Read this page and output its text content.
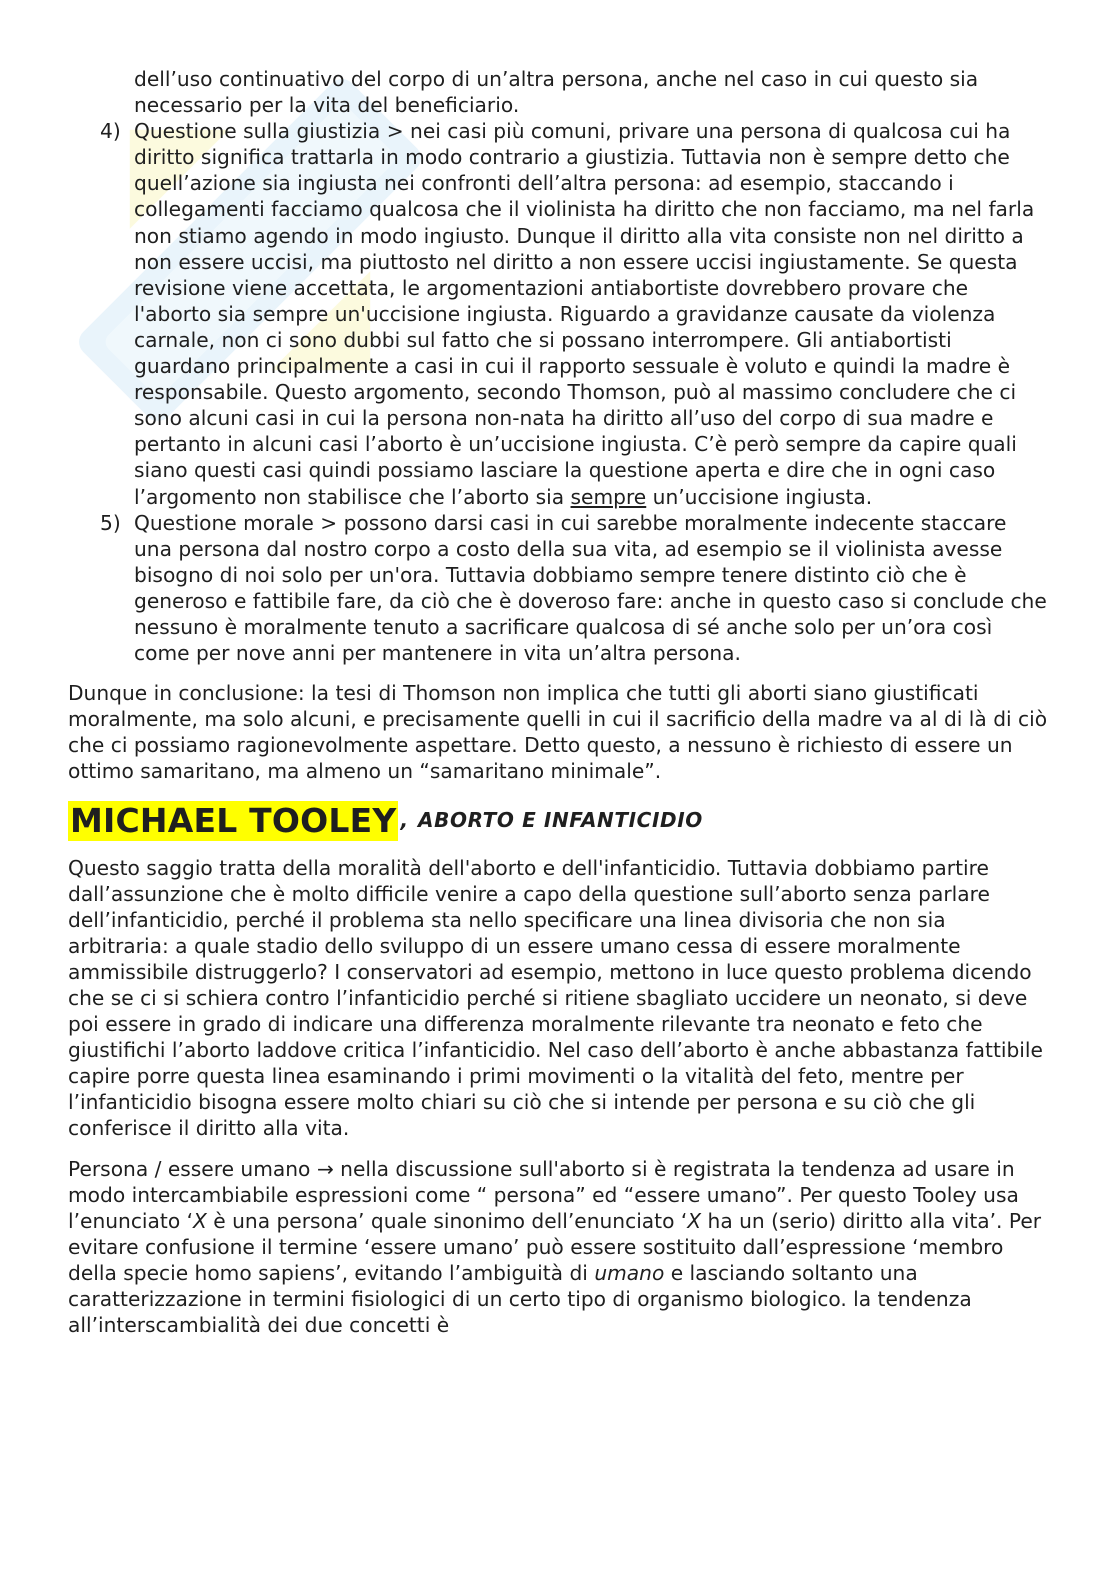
dell’uso continuativo del corpo di un’altra persona, anche nel caso in cui questo sia necessario per la vita del beneficiario.

4) Questione sulla giustizia > nei casi più comuni, privare una persona di qualcosa cui ha diritto significa trattarla in modo contrario a giustizia. Tuttavia non è sempre detto che quell’azione sia ingiusta nei confronti dell’altra persona: ad esempio, staccando i collegamenti facciamo qualcosa che il violinista ha diritto che non facciamo, ma nel farla non stiamo agendo in modo ingiusto. Dunque il diritto alla vita consiste non nel diritto a non essere uccisi, ma piuttosto nel diritto a non essere uccisi ingiustamente. Se questa revisione viene accettata, le argomentazioni antiabortiste dovrebbero provare che l'aborto sia sempre un'uccisione ingiusta. Riguardo a gravidanze causate da violenza carnale, non ci sono dubbi sul fatto che si possano interrompere. Gli antiabortisti guardano principalmente a casi in cui il rapporto sessuale è voluto e quindi la madre è responsabile. Questo argomento, secondo Thomson, può al massimo concludere che ci sono alcuni casi in cui la persona non-nata ha diritto all’uso del corpo di sua madre e pertanto in alcuni casi l’aborto è un’uccisione ingiusta. C’è però sempre da capire quali siano questi casi quindi possiamo lasciare la questione aperta e dire che in ogni caso l’argomento non stabilisce che l’aborto sia sempre un’uccisione ingiusta.
5) Questione morale > possono darsi casi in cui sarebbe moralmente indecente staccare una persona dal nostro corpo a costo della sua vita, ad esempio se il violinista avesse bisogno di noi solo per un'ora. Tuttavia dobbiamo sempre tenere distinto ciò che è generoso e fattibile fare, da ciò che è doveroso fare: anche in questo caso si conclude che nessuno è moralmente tenuto a sacrificare qualcosa di sé anche solo per un’ora così come per nove anni per mantenere in vita un’altra persona.

Dunque in conclusione: la tesi di Thomson non implica che tutti gli aborti siano giustificati moralmente, ma solo alcuni, e precisamente quelli in cui il sacrificio della madre va al di là di ciò che ci possiamo ragionevolmente aspettare. Detto questo, a nessuno è richiesto di essere un ottimo samaritano, ma almeno un “samaritano minimale”.

MICHAEL TOOLEY , ABORTO E INFANTICIDIO

Questo saggio tratta della moralità dell'aborto e dell'infanticidio. Tuttavia dobbiamo partire dall’assunzione che è molto difficile venire a capo della questione sull’aborto senza parlare dell’infanticidio, perché il problema sta nello specificare una linea divisoria che non sia arbitraria: a quale stadio dello sviluppo di un essere umano cessa di essere moralmente ammissibile distruggerlo? I conservatori ad esempio, mettono in luce questo problema dicendo che se ci si schiera contro l’infanticidio perché si ritiene sbagliato uccidere un neonato, si deve poi essere in grado di indicare una differenza moralmente rilevante tra neonato e feto che giustifichi l’aborto laddove critica l’infanticidio. Nel caso dell’aborto è anche abbastanza fattibile capire porre questa linea esaminando i primi movimenti o la vitalità del feto, mentre per l’infanticidio bisogna essere molto chiari su ciò che si intende per persona e su ciò che gli conferisce il diritto alla vita.

Persona / essere umano → nella discussione sull'aborto si è registrata la tendenza ad usare in modo intercambiabile espressioni come “ persona” ed “essere umano”. Per questo Tooley usa l’enunciato ‘X è una persona’ quale sinonimo dell’enunciato ‘X ha un (serio) diritto alla vita’. Per evitare confusione il termine ‘essere umano’ può essere sostituito dall’espressione ‘membro della specie homo sapiens’, evitando l’ambiguità di umano e lasciando soltanto una caratterizzazione in termini fisiologici di un certo tipo di organismo biologico. la tendenza all’interscambialità dei due concetti è
